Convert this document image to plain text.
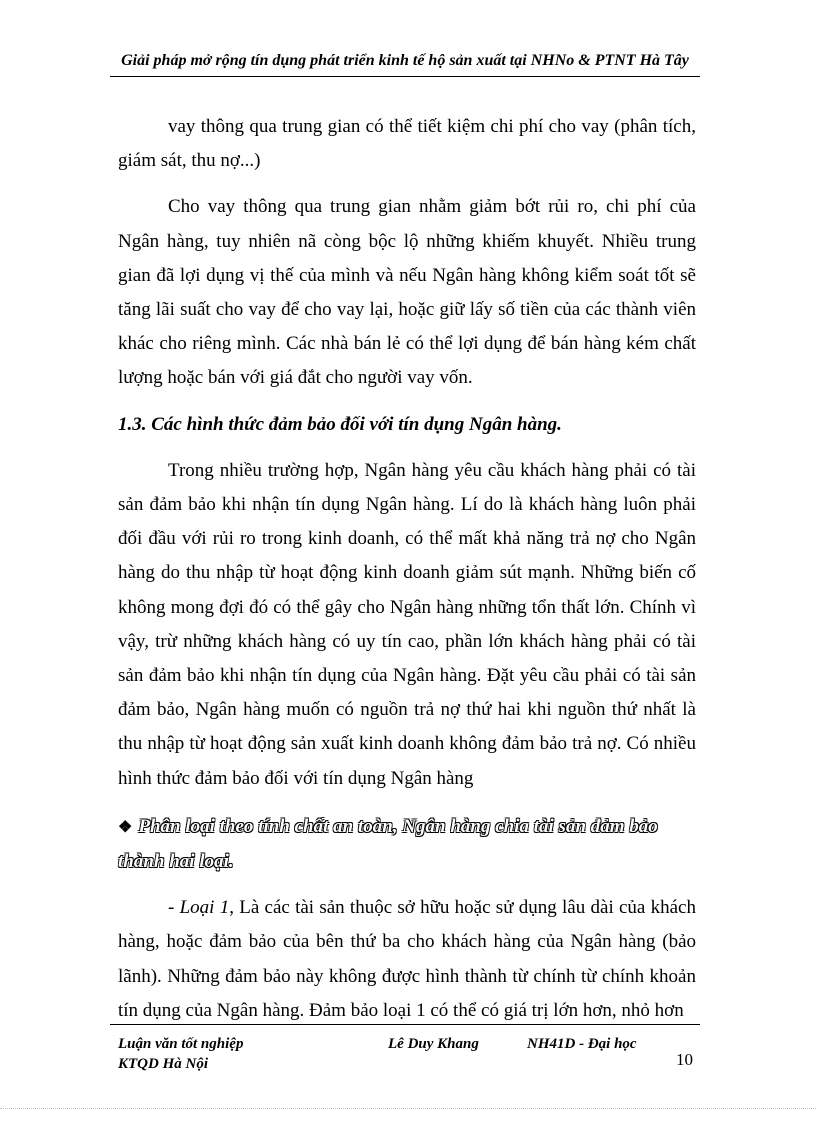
Giải pháp mở rộng tín dụng phát triển kinh tế hộ sản xuất tại NHNo & PTNT Hà Tây

vay thông qua trung gian có thể tiết kiệm chi phí cho vay (phân tích, giám sát, thu nợ...)

Cho vay thông qua trung gian nhằm giảm bớt rủi ro, chi phí của Ngân hàng, tuy nhiên nã còng bộc lộ những khiếm khuyết. Nhiều trung gian đã lợi dụng vị thế của mình và nếu Ngân hàng không kiểm soát tốt sẽ tăng lãi suất cho vay để cho vay lại, hoặc giữ lấy số tiền của các thành viên khác cho riêng mình. Các nhà bán lẻ có thể lợi dụng để bán hàng kém chất lượng hoặc bán với giá đắt cho người vay vốn.

1.3. Các hình thức đảm bảo đối với tín dụng Ngân hàng.

Trong nhiều trường hợp, Ngân hàng yêu cầu khách hàng phải có tài sản đảm bảo khi nhận tín dụng Ngân hàng. Lí do là khách hàng luôn phải đối đầu với rủi ro trong kinh doanh, có thể mất khả năng trả nợ cho Ngân hàng do thu nhập từ hoạt động kinh doanh giảm sút mạnh. Những biến cố không mong đợi đó có thể gây cho Ngân hàng những tổn thất lớn. Chính vì vậy, trừ những khách hàng có uy tín cao, phần lớn khách hàng phải có tài sản đảm bảo khi nhận tín dụng của Ngân hàng. Đặt yêu cầu phải có tài sản đảm bảo, Ngân hàng muốn có nguồn trả nợ thứ hai khi nguồn thứ nhất là thu nhập từ hoạt động sản xuất kinh doanh không đảm bảo trả nợ. Có nhiều hình thức đảm bảo đối với tín dụng Ngân hàng

❖ Phân loại theo tính chất an toàn, Ngân hàng chia tài sản đảm bảo thành hai loại.

- Loại 1, Là các tài sản thuộc sở hữu hoặc sử dụng lâu dài của khách hàng, hoặc đảm bảo của bên thứ ba cho khách hàng của Ngân hàng (bảo lãnh). Những đảm bảo này không được hình thành từ chính từ chính khoản tín dụng của Ngân hàng. Đảm bảo loại 1 có thể có giá trị lớn hơn, nhỏ hơn

Luận văn tốt nghiệp
KTQD Hà Nội
Lê Duy Khang	NH41D - Đại học
10
